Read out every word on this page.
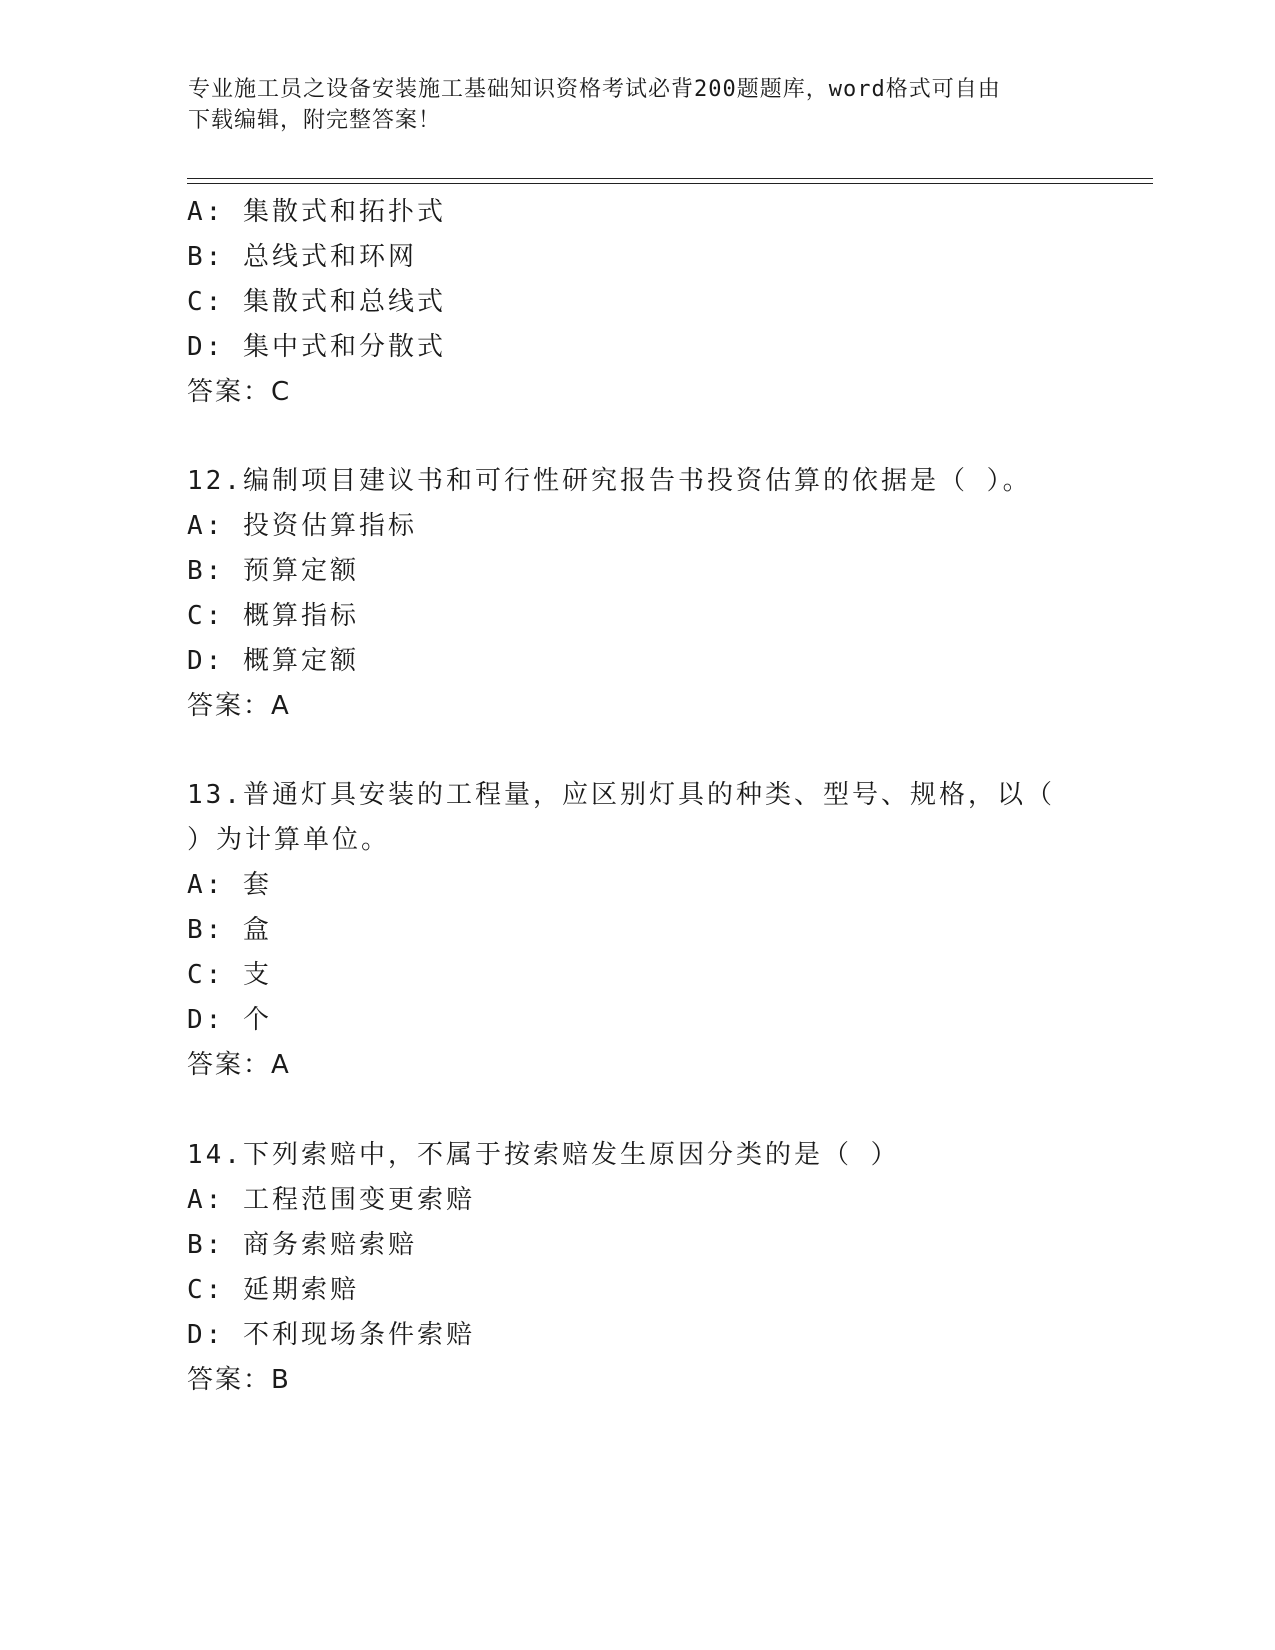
专业施工员之设备安装施工基础知识资格考试必背200题题库，word格式可自由
下载编辑，附完整答案！
A: 集散式和拓扑式
B: 总线式和环网
C: 集散式和总线式
D: 集中式和分散式
答案：C
12.编制项目建议书和可行性研究报告书投资估算的依据是（ ）。
A: 投资估算指标
B: 预算定额
C: 概算指标
D: 概算定额
答案：A
13.普通灯具安装的工程量，应区别灯具的种类、型号、规格，以（
）为计算单位。
A: 套
B: 盒
C: 支
D: 个
答案：A
14.下列索赔中，不属于按索赔发生原因分类的是（ ）
A: 工程范围变更索赔
B: 商务索赔索赔
C: 延期索赔
D: 不利现场条件索赔
答案：B
